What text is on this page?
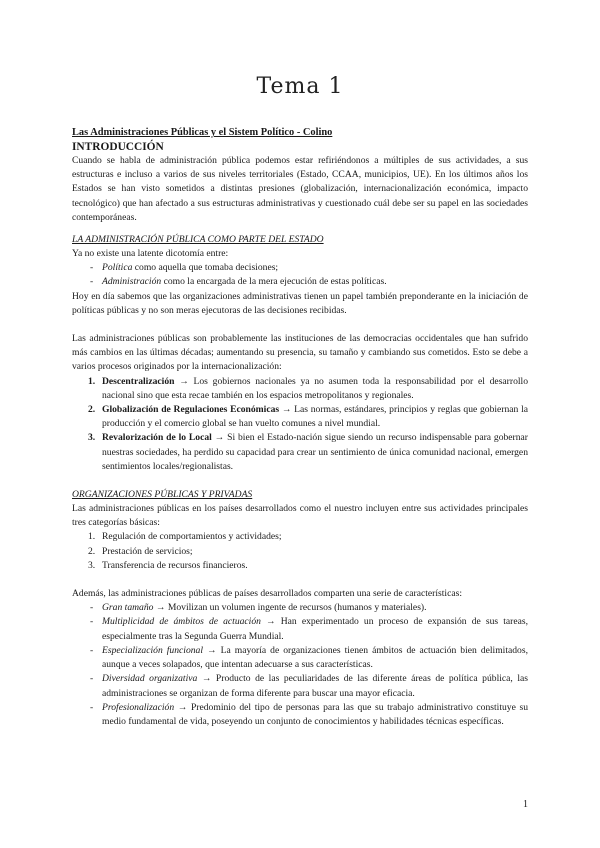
Tema 1

Las Administraciones Públicas y el Sistem Político - Colino

INTRODUCCIÓN

Cuando se habla de administración pública podemos estar refiriéndonos a múltiples de sus actividades, a sus estructuras e incluso a varios de sus niveles territoriales (Estado, CCAA, municipios, UE). En los últimos años los Estados se han visto sometidos a distintas presiones (globalización, internacionalización económica, impacto tecnológico) que han afectado a sus estructuras administrativas y cuestionado cuál debe ser su papel en las sociedades contemporáneas.

LA ADMINISTRACIÓN PÚBLICA COMO PARTE DEL ESTADO

Ya no existe una latente dicotomía entre:

- Política como aquella que tomaba decisiones;
- Administración como la encargada de la mera ejecución de estas políticas.

Hoy en día sabemos que las organizaciones administrativas tienen un papel también preponderante en la iniciación de políticas públicas y no son meras ejecutoras de las decisiones recibidas.

Las administraciones públicas son probablemente las instituciones de las democracias occidentales que han sufrido más cambios en las últimas décadas; aumentando su presencia, su tamaño y cambiando sus cometidos. Esto se debe a varios procesos originados por la internacionalización:

1. Descentralización → Los gobiernos nacionales ya no asumen toda la responsabilidad por el desarrollo nacional sino que esta recae también en los espacios metropolitanos y regionales.
2. Globalización de Regulaciones Económicas → Las normas, estándares, principios y reglas que gobiernan la producción y el comercio global se han vuelto comunes a nivel mundial.
3. Revalorización de lo Local → Si bien el Estado-nación sigue siendo un recurso indispensable para gobernar nuestras sociedades, ha perdido su capacidad para crear un sentimiento de única comunidad nacional, emergen sentimientos locales/regionalistas.

ORGANIZACIONES PÚBLICAS Y PRIVADAS

Las administraciones públicas en los países desarrollados como el nuestro incluyen entre sus actividades principales tres categorías básicas:

1. Regulación de comportamientos y actividades;
2. Prestación de servicios;
3. Transferencia de recursos financieros.

Además, las administraciones públicas de países desarrollados comparten una serie de características:

- Gran tamaño → Movilizan un volumen ingente de recursos (humanos y materiales).
- Multiplicidad de ámbitos de actuación → Han experimentado un proceso de expansión de sus tareas, especialmente tras la Segunda Guerra Mundial.
- Especialización funcional → La mayoría de organizaciones tienen ámbitos de actuación bien delimitados, aunque a veces solapados, que intentan adecuarse a sus características.
- Diversidad organizativa → Producto de las peculiaridades de las diferente áreas de política pública, las administraciones se organizan de forma diferente para buscar una mayor eficacia.
- Profesionalización → Predominio del tipo de personas para las que su trabajo administrativo constituye su medio fundamental de vida, poseyendo un conjunto de conocimientos y habilidades técnicas específicas.
1
